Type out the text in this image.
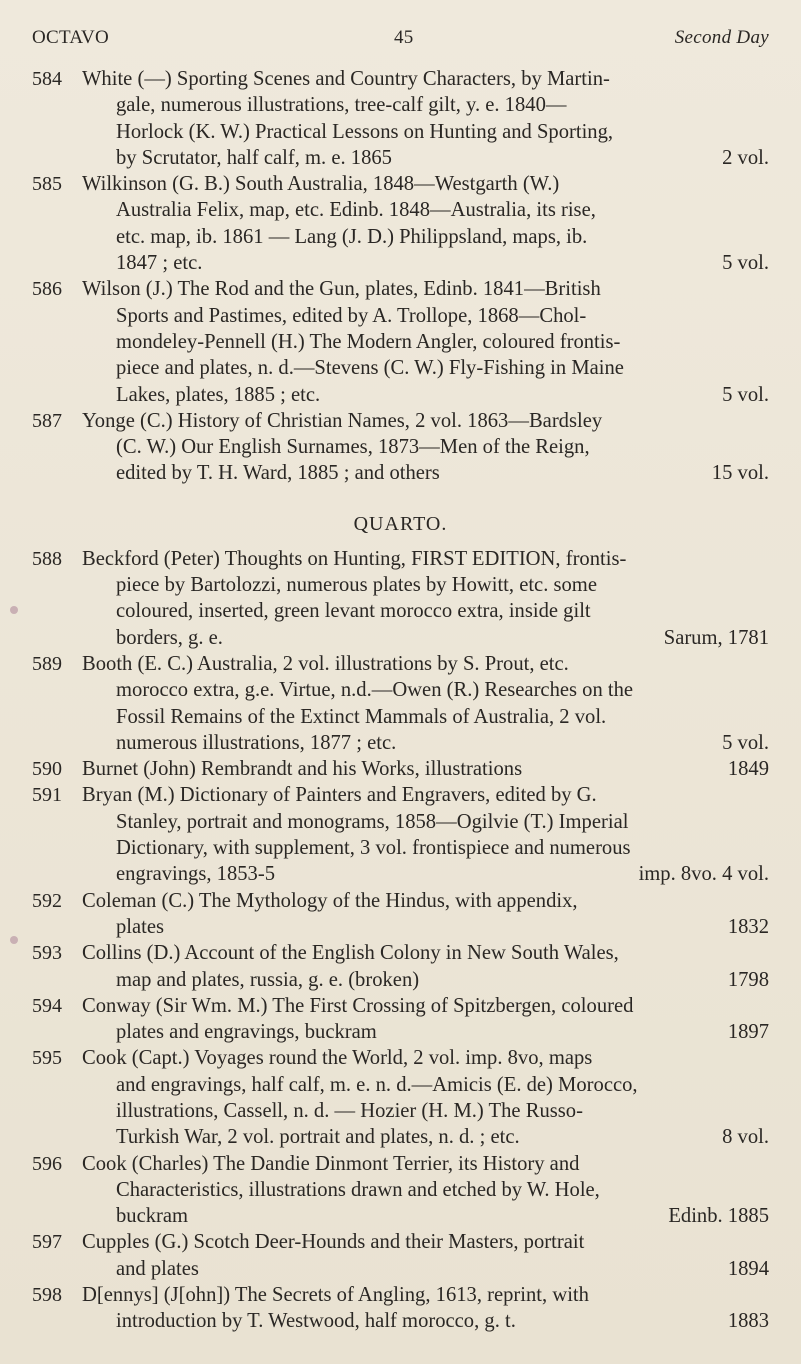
OCTAVO	45	Second Day
584 White (—) Sporting Scenes and Country Characters, by Martin-
gale, numerous illustrations, tree-calf gilt, y. e. 1840—
Horlock (K. W.) Practical Lessons on Hunting and Sporting,
by Scrutator, half calf, m. e. 1865	2 vol.
585 Wilkinson (G. B.) South Australia, 1848—Westgarth (W.)
Australia Felix, map, etc. Edinb. 1848—Australia, its rise,
etc. map, ib. 1861 — Lang (J. D.) Philippsland, maps, ib.
1847 ; etc.	5 vol.
586 Wilson (J.) The Rod and the Gun, plates, Edinb. 1841—British
Sports and Pastimes, edited by A. Trollope, 1868—Chol-
mondeley-Pennell (H.) The Modern Angler, coloured frontis-
piece and plates, n. d.—Stevens (C. W.) Fly-Fishing in Maine
Lakes, plates, 1885 ; etc.	5 vol.
587 Yonge (C.) History of Christian Names, 2 vol. 1863—Bardsley
(C. W.) Our English Surnames, 1873—Men of the Reign,
edited by T. H. Ward, 1885 ; and others	15 vol.
QUARTO.
588 Beckford (Peter) Thoughts on Hunting, FIRST EDITION, frontis-
piece by Bartolozzi, numerous plates by Howitt, etc. some
coloured, inserted, green levant morocco extra, inside gilt
borders, g. e.	Sarum, 1781
589 Booth (E. C.) Australia, 2 vol. illustrations by S. Prout, etc.
morocco extra, g.e. Virtue, n.d.—Owen (R.) Researches on the
Fossil Remains of the Extinct Mammals of Australia, 2 vol.
numerous illustrations, 1877 ; etc.	5 vol.
590 Burnet (John) Rembrandt and his Works, illustrations	1849
591 Bryan (M.) Dictionary of Painters and Engravers, edited by G.
Stanley, portrait and monograms, 1858—Ogilvie (T.) Imperial
Dictionary, with supplement, 3 vol. frontispiece and numerous
engravings, 1853-5	imp. 8vo. 4 vol.
592 Coleman (C.) The Mythology of the Hindus, with appendix,
plates	1832
593 Collins (D.) Account of the English Colony in New South Wales,
map and plates, russia, g. e. (broken)	1798
594 Conway (Sir Wm. M.) The First Crossing of Spitzbergen, coloured
plates and engravings, buckram	1897
595 Cook (Capt.) Voyages round the World, 2 vol. imp. 8vo, maps
and engravings, half calf, m. e. n. d.—Amicis (E. de) Morocco,
illustrations, Cassell, n. d. — Hozier (H. M.) The Russo-
Turkish War, 2 vol. portrait and plates, n. d. ; etc.	8 vol.
596 Cook (Charles) The Dandie Dinmont Terrier, its History and
Characteristics, illustrations drawn and etched by W. Hole,
buckram	Edinb. 1885
597 Cupples (G.) Scotch Deer-Hounds and their Masters, portrait
and plates	1894
598 D[ennys] (J[ohn]) The Secrets of Angling, 1613, reprint, with
introduction by T. Westwood, half morocco, g. t.	1883
